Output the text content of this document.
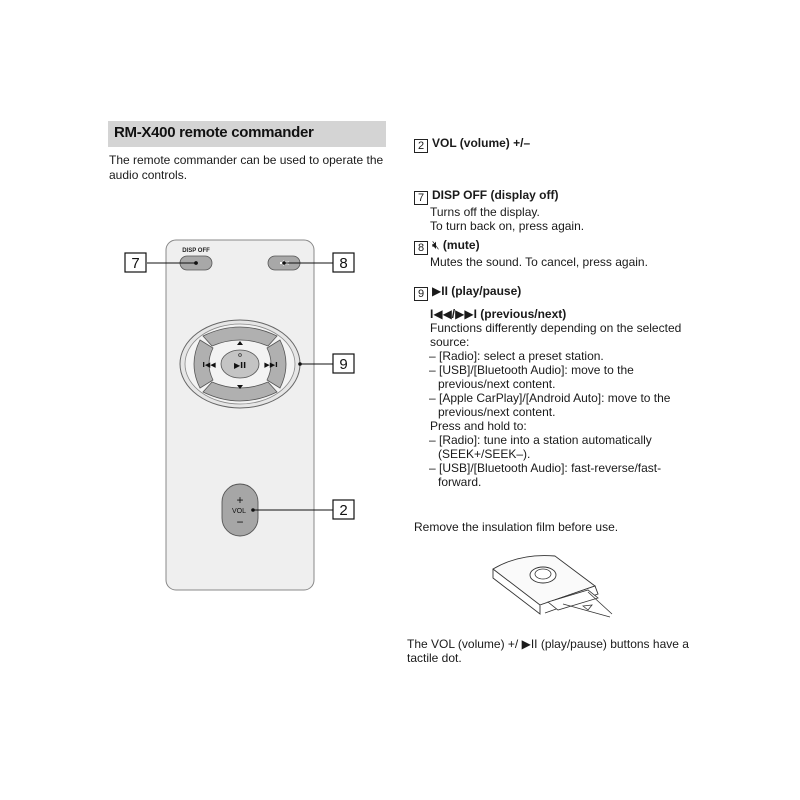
RM-X400 remote commander
The remote commander can be used to operate the audio controls.
DISP OFF
▶II
I◀◀	▶▶I
+
VOL
−
7	8
9
2
2 VOL (volume) +/–
7 DISP OFF (display off)
Turns off the display.
To turn back on, press again.
8 🔇︎ (mute)
Mutes the sound. To cancel, press again.
9 ▶II (play/pause)
I◀◀/▶▶I (previous/next)
Functions differently depending on the selected source:
– [Radio]: select a preset station.
– [USB]/[Bluetooth Audio]: move to the previous/next content.
– [Apple CarPlay]/[Android Auto]: move to the previous/next content.
Press and hold to:
– [Radio]: tune into a station automatically (SEEK+/SEEK–).
– [USB]/[Bluetooth Audio]: fast-reverse/fast-forward.
Remove the insulation film before use.
The VOL (volume) +/ ▶II (play/pause) buttons have a tactile dot.
